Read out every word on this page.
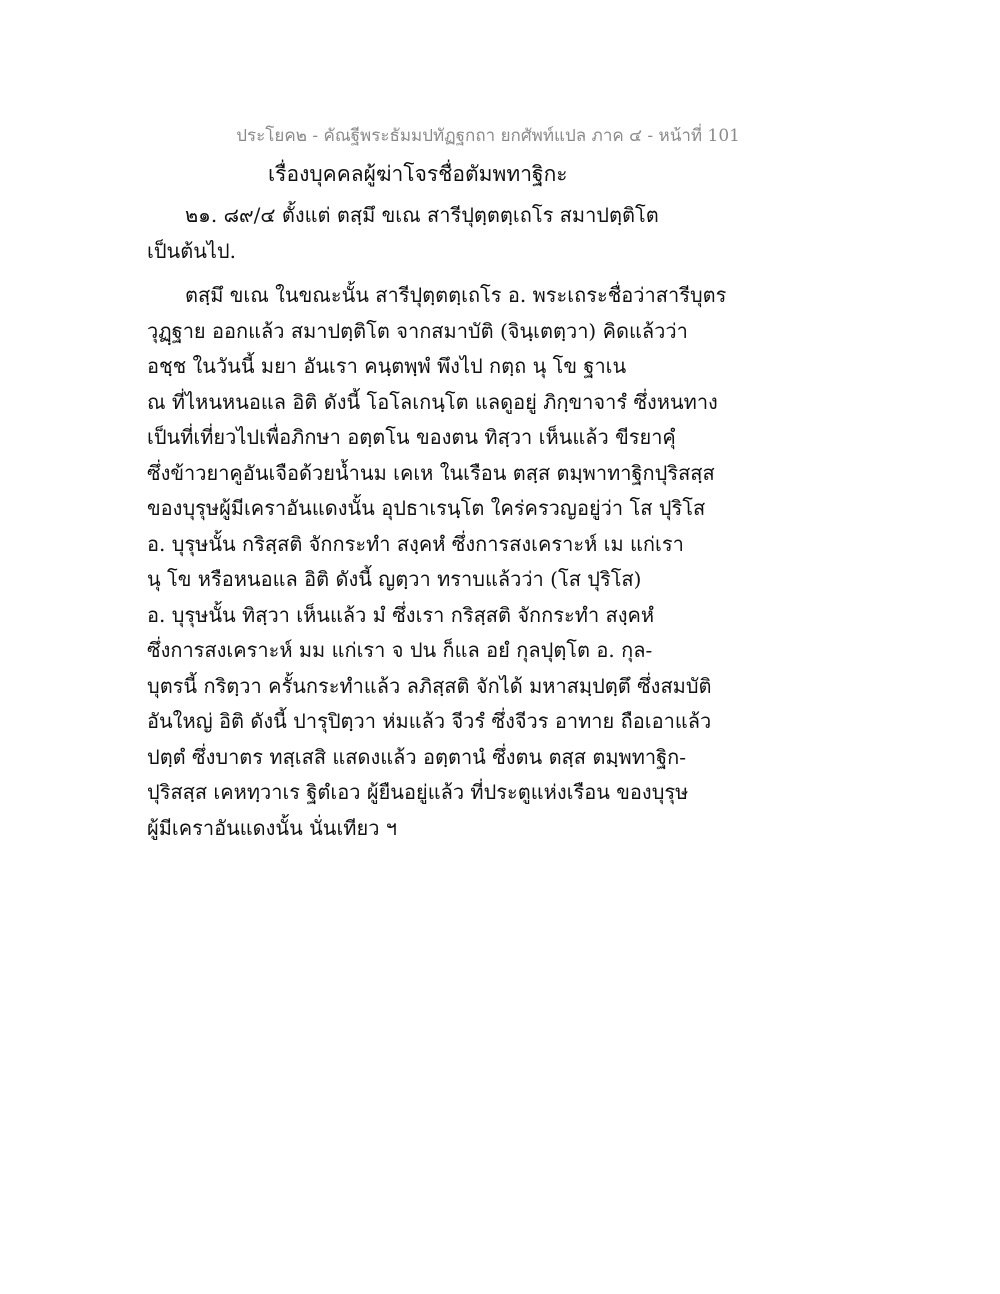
ประโยค๒ - คัณฐีพระธัมมปทัฏฐกถา ยกศัพท์แปล ภาค ๔ - หน้าที่ 101
เรื่องบุคคลผู้ฆ่าโจรชื่อตัมพทาฐิกะ
๒๑. ๘๙/๔ ตั้งแต่ ตสฺมึ ขเณ สารีปุตฺตตฺเถโร สมาปตฺติโต
เป็นต้นไป.
ตสฺมึ ขเณ ในขณะนั้น สารีปุตฺตตฺเถโร อ. พระเถระชื่อว่าสารีบุตร
วุฏฺฐาย ออกแล้ว สมาปตฺติโต จากสมาบัติ (จินฺเตตฺวา) คิดแล้วว่า
อชฺช ในวันนี้ มยา อันเรา คนฺตพฺพํ พึงไป กตฺถ นุ โข ฐาเน
ณ ที่ไหนหนอแล อิติ ดังนี้ โอโลเกนฺโต แลดูอยู่ ภิกฺขาจารํ ซึ่งหนทาง
เป็นที่เที่ยวไปเพื่อภิกษา อตฺตโน ของตน ทิสฺวา เห็นแล้ว ขีรยาคุํ
ซึ่งข้าวยาคูอันเจือด้วยน้ำนม เคเห ในเรือน ตสฺส ตมฺพาทาฐิกปุริสสฺส
ของบุรุษผู้มีเคราอันแดงนั้น อุปธาเรนฺโต ใคร่ครวญอยู่ว่า โส ปุริโส
อ. บุรุษนั้น กริสฺสติ จักกระทำ สงฺคหํ ซึ่งการสงเคราะห์ เม แก่เรา
นุ โข หรือหนอแล อิติ ดังนี้ ญตฺวา ทราบแล้วว่า (โส ปุริโส)
อ. บุรุษนั้น ทิสฺวา เห็นแล้ว มํ ซึ่งเรา กริสฺสติ จักกระทำ สงฺคหํ
ซึ่งการสงเคราะห์ มม แก่เรา จ ปน ก็แล อยํ กุลปุตฺโต อ. กุล-
บุตรนี้ กริตฺวา ครั้นกระทำแล้ว ลภิสฺสติ จักได้ มหาสมฺปตฺตึ ซึ่งสมบัติ
อันใหญ่ อิติ ดังนี้ ปารุปิตฺวา ห่มแล้ว จีวรํ ซึ่งจีวร อาทาย ถือเอาแล้ว
ปตฺตํ ซึ่งบาตร ทสฺเสสิ แสดงแล้ว อตฺตานํ ซึ่งตน ตสฺส ตมฺพทาฐิก-
ปุริสสฺส เคหทฺวาเร ฐิตํเอว ผู้ยืนอยู่แล้ว ที่ประตูแห่งเรือน ของบุรุษ
ผู้มีเคราอันแดงนั้น นั่นเทียว ฯ
